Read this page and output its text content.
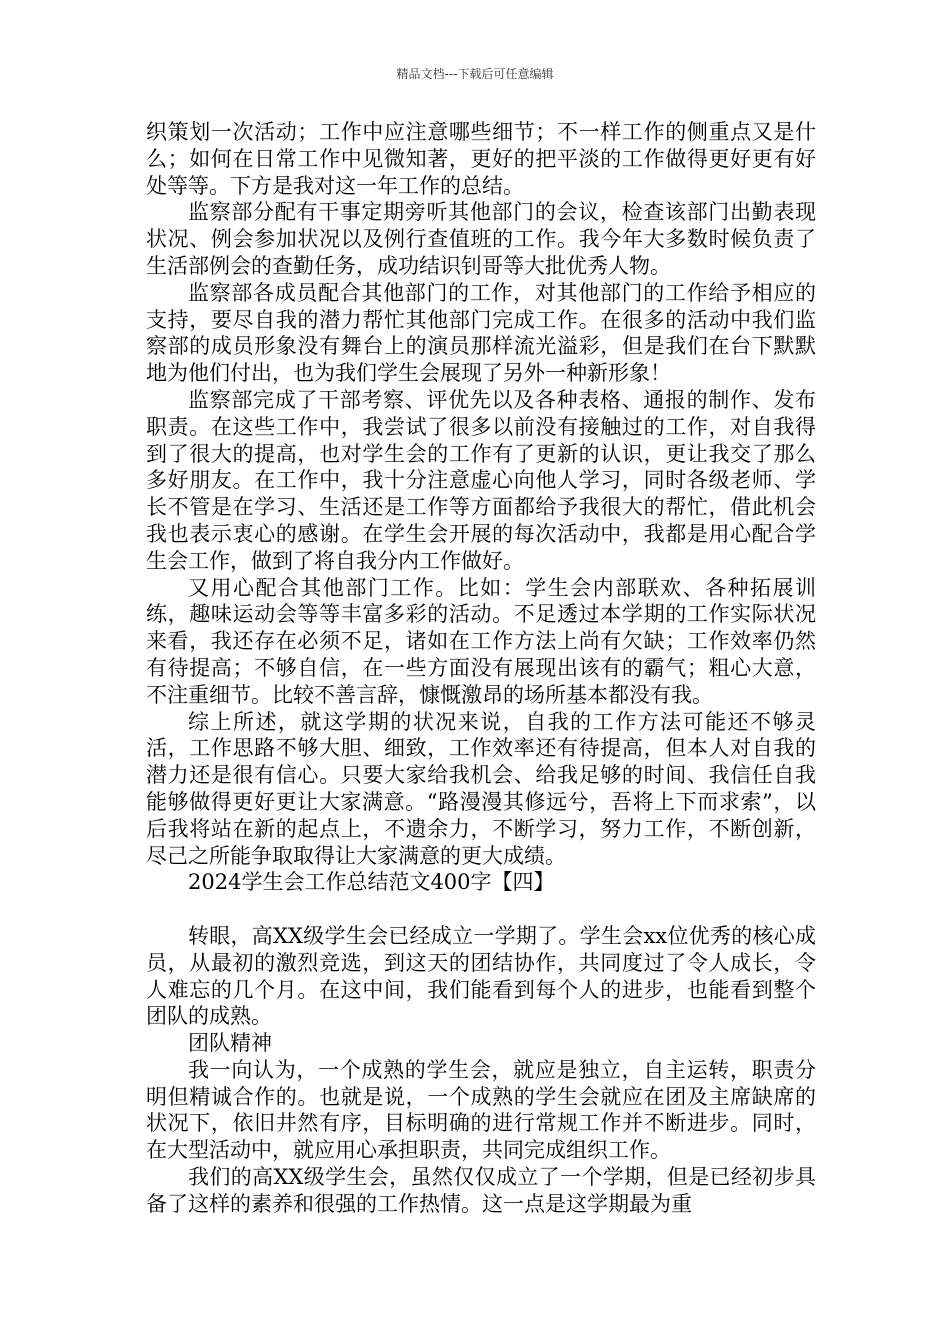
精品文档---下载后可任意编辑

织策划一次活动；工作中应注意哪些细节；不一样工作的侧重点又是什么；如何在日常工作中见微知著，更好的把平淡的工作做得更好更有好处等等。下方是我对这一年工作的总结。

监察部分配有干事定期旁听其他部门的会议，检查该部门出勤表现状况、例会参加状况以及例行查值班的工作。我今年大多数时候负责了生活部例会的查勤任务，成功结识钊哥等大批优秀人物。

监察部各成员配合其他部门的工作，对其他部门的工作给予相应的支持，要尽自我的潜力帮忙其他部门完成工作。在很多的活动中我们监察部的成员形象没有舞台上的演员那样流光溢彩，但是我们在台下默默地为他们付出，也为我们学生会展现了另外一种新形象！

监察部完成了干部考察、评优先以及各种表格、通报的制作、发布职责。在这些工作中，我尝试了很多以前没有接触过的工作，对自我得到了很大的提高，也对学生会的工作有了更新的认识，更让我交了那么多好朋友。在工作中，我十分注意虚心向他人学习，同时各级老师、学长不管是在学习、生活还是工作等方面都给予我很大的帮忙，借此机会我也表示衷心的感谢。在学生会开展的每次活动中，我都是用心配合学生会工作，做到了将自我分内工作做好。

又用心配合其他部门工作。比如：学生会内部联欢、各种拓展训练，趣味运动会等等丰富多彩的活动。不足透过本学期的工作实际状况来看，我还存在必须不足，诸如在工作方法上尚有欠缺；工作效率仍然有待提高；不够自信，在一些方面没有展现出该有的霸气；粗心大意，不注重细节。比较不善言辞，慷慨激昂的场所基本都没有我。

综上所述，就这学期的状况来说，自我的工作方法可能还不够灵活，工作思路不够大胆、细致，工作效率还有待提高，但本人对自我的潜力还是很有信心。只要大家给我机会、给我足够的时间、我信任自我能够做得更好更让大家满意。“路漫漫其修远兮，吾将上下而求索”，以后我将站在新的起点上，不遗余力，不断学习，努力工作，不断创新，尽己之所能争取取得让大家满意的更大成绩。

2024学生会工作总结范文400字【四】

转眼，高XX级学生会已经成立一学期了。学生会xx位优秀的核心成员，从最初的激烈竞选，到这天的团结协作，共同度过了令人成长，令人难忘的几个月。在这中间，我们能看到每个人的进步，也能看到整个团队的成熟。

团队精神

我一向认为，一个成熟的学生会，就应是独立，自主运转，职责分明但精诚合作的。也就是说，一个成熟的学生会就应在团及主席缺席的状况下，依旧井然有序，目标明确的进行常规工作并不断进步。同时，在大型活动中，就应用心承担职责，共同完成组织工作。

我们的高XX级学生会，虽然仅仅成立了一个学期，但是已经初步具备了这样的素养和很强的工作热情。这一点是这学期最为重
